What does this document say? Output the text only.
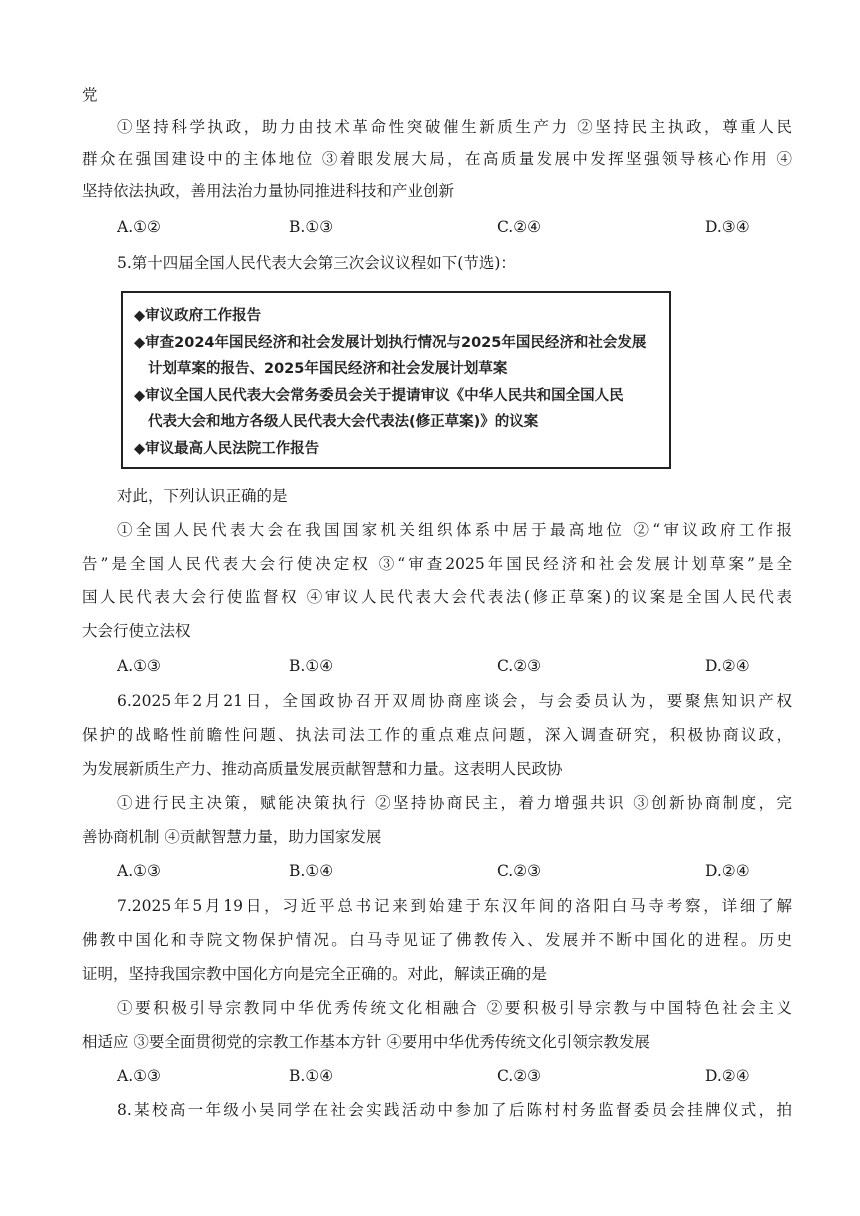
党
①坚持科学执政，助力由技术革命性突破催生新质生产力 ②坚持民主执政，尊重人民
群众在强国建设中的主体地位 ③着眼发展大局，在高质量发展中发挥坚强领导核心作用 ④
坚持依法执政，善用法治力量协同推进科技和产业创新
A.①②	B.①③	C.②④	D.③④
5.第十四届全国人民代表大会第三次会议议程如下(节选)：
◆审议政府工作报告
◆审查2024年国民经济和社会发展计划执行情况与2025年国民经济和社会发展
计划草案的报告、2025年国民经济和社会发展计划草案
◆审议全国人民代表大会常务委员会关于提请审议《中华人民共和国全国人民
代表大会和地方各级人民代表大会代表法(修正草案)》的议案
◆审议最高人民法院工作报告
对此，下列认识正确的是
①全国人民代表大会在我国国家机关组织体系中居于最高地位 ②“审议政府工作报
告”是全国人民代表大会行使决定权 ③“审查2025年国民经济和社会发展计划草案”是全
国人民代表大会行使监督权 ④审议人民代表大会代表法(修正草案)的议案是全国人民代表
大会行使立法权
A.①③	B.①④	C.②③	D.②④
6.2025年2月21日，全国政协召开双周协商座谈会，与会委员认为，要聚焦知识产权
保护的战略性前瞻性问题、执法司法工作的重点难点问题，深入调查研究，积极协商议政，
为发展新质生产力、推动高质量发展贡献智慧和力量。这表明人民政协
①进行民主决策，赋能决策执行 ②坚持协商民主，着力增强共识 ③创新协商制度，完
善协商机制 ④贡献智慧力量，助力国家发展
A.①③	B.①④	C.②③	D.②④
7.2025年5月19日，习近平总书记来到始建于东汉年间的洛阳白马寺考察，详细了解
佛教中国化和寺院文物保护情况。白马寺见证了佛教传入、发展并不断中国化的进程。历史
证明，坚持我国宗教中国化方向是完全正确的。对此，解读正确的是
①要积极引导宗教同中华优秀传统文化相融合 ②要积极引导宗教与中国特色社会主义
相适应 ③要全面贯彻党的宗教工作基本方针 ④要用中华优秀传统文化引领宗教发展
A.①③	B.①④	C.②③	D.②④
8.某校高一年级小吴同学在社会实践活动中参加了后陈村村务监督委员会挂牌仪式，拍
